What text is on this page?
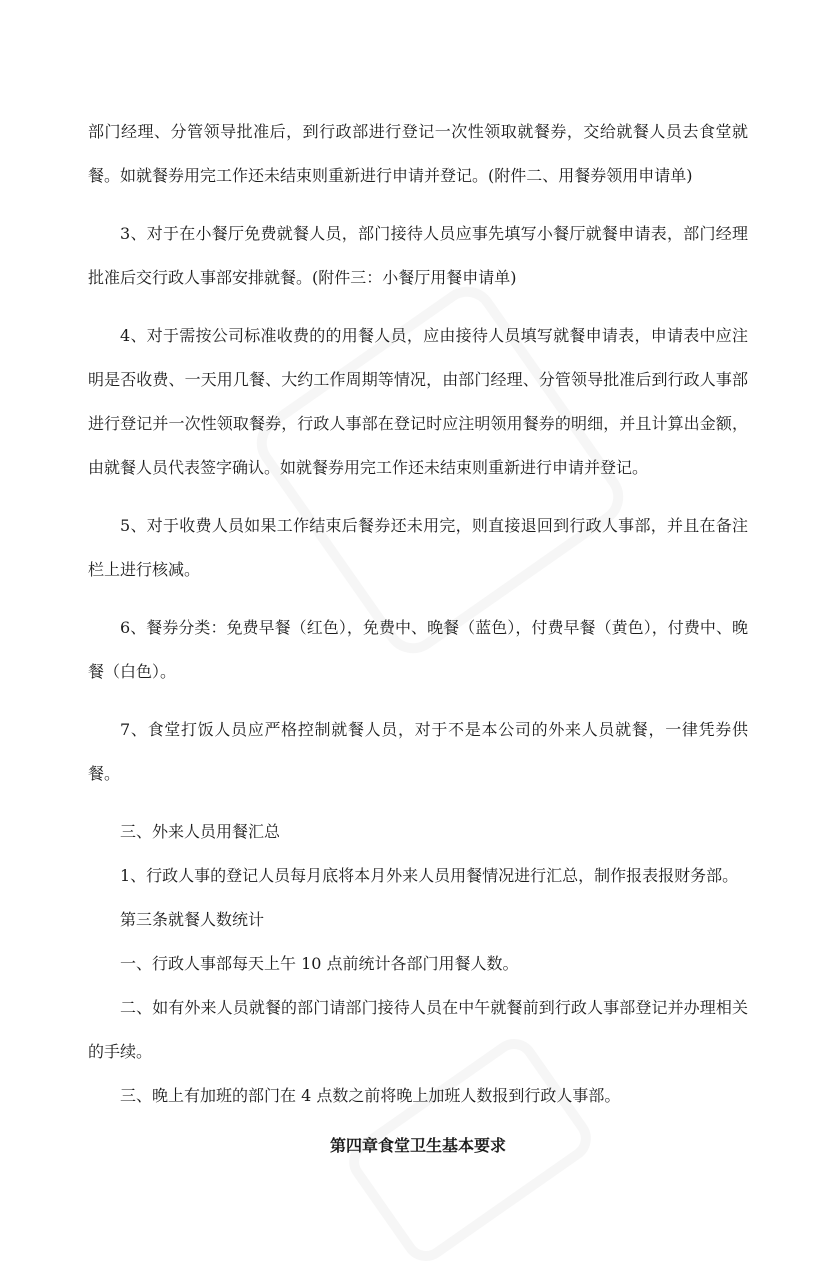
部门经理、分管领导批准后，到行政部进行登记一次性领取就餐券，交给就餐人员去食堂就餐。如就餐券用完工作还未结束则重新进行申请并登记。(附件二、用餐券领用申请单)

3、对于在小餐厅免费就餐人员，部门接待人员应事先填写小餐厅就餐申请表，部门经理批准后交行政人事部安排就餐。(附件三：小餐厅用餐申请单)

4、对于需按公司标准收费的的用餐人员，应由接待人员填写就餐申请表，申请表中应注明是否收费、一天用几餐、大约工作周期等情况，由部门经理、分管领导批准后到行政人事部进行登记并一次性领取餐券，行政人事部在登记时应注明领用餐券的明细，并且计算出金额，由就餐人员代表签字确认。如就餐券用完工作还未结束则重新进行申请并登记。

5、对于收费人员如果工作结束后餐券还未用完，则直接退回到行政人事部，并且在备注栏上进行核减。

6、餐券分类：免费早餐（红色），免费中、晚餐（蓝色），付费早餐（黄色），付费中、晚餐（白色）。

7、食堂打饭人员应严格控制就餐人员，对于不是本公司的外来人员就餐，一律凭券供餐。

三、外来人员用餐汇总

1、行政人事的登记人员每月底将本月外来人员用餐情况进行汇总，制作报表报财务部。

第三条就餐人数统计

一、行政人事部每天上午 10 点前统计各部门用餐人数。

二、如有外来人员就餐的部门请部门接待人员在中午就餐前到行政人事部登记并办理相关的手续。

三、晚上有加班的部门在 4 点数之前将晚上加班人数报到行政人事部。

第四章食堂卫生基本要求
